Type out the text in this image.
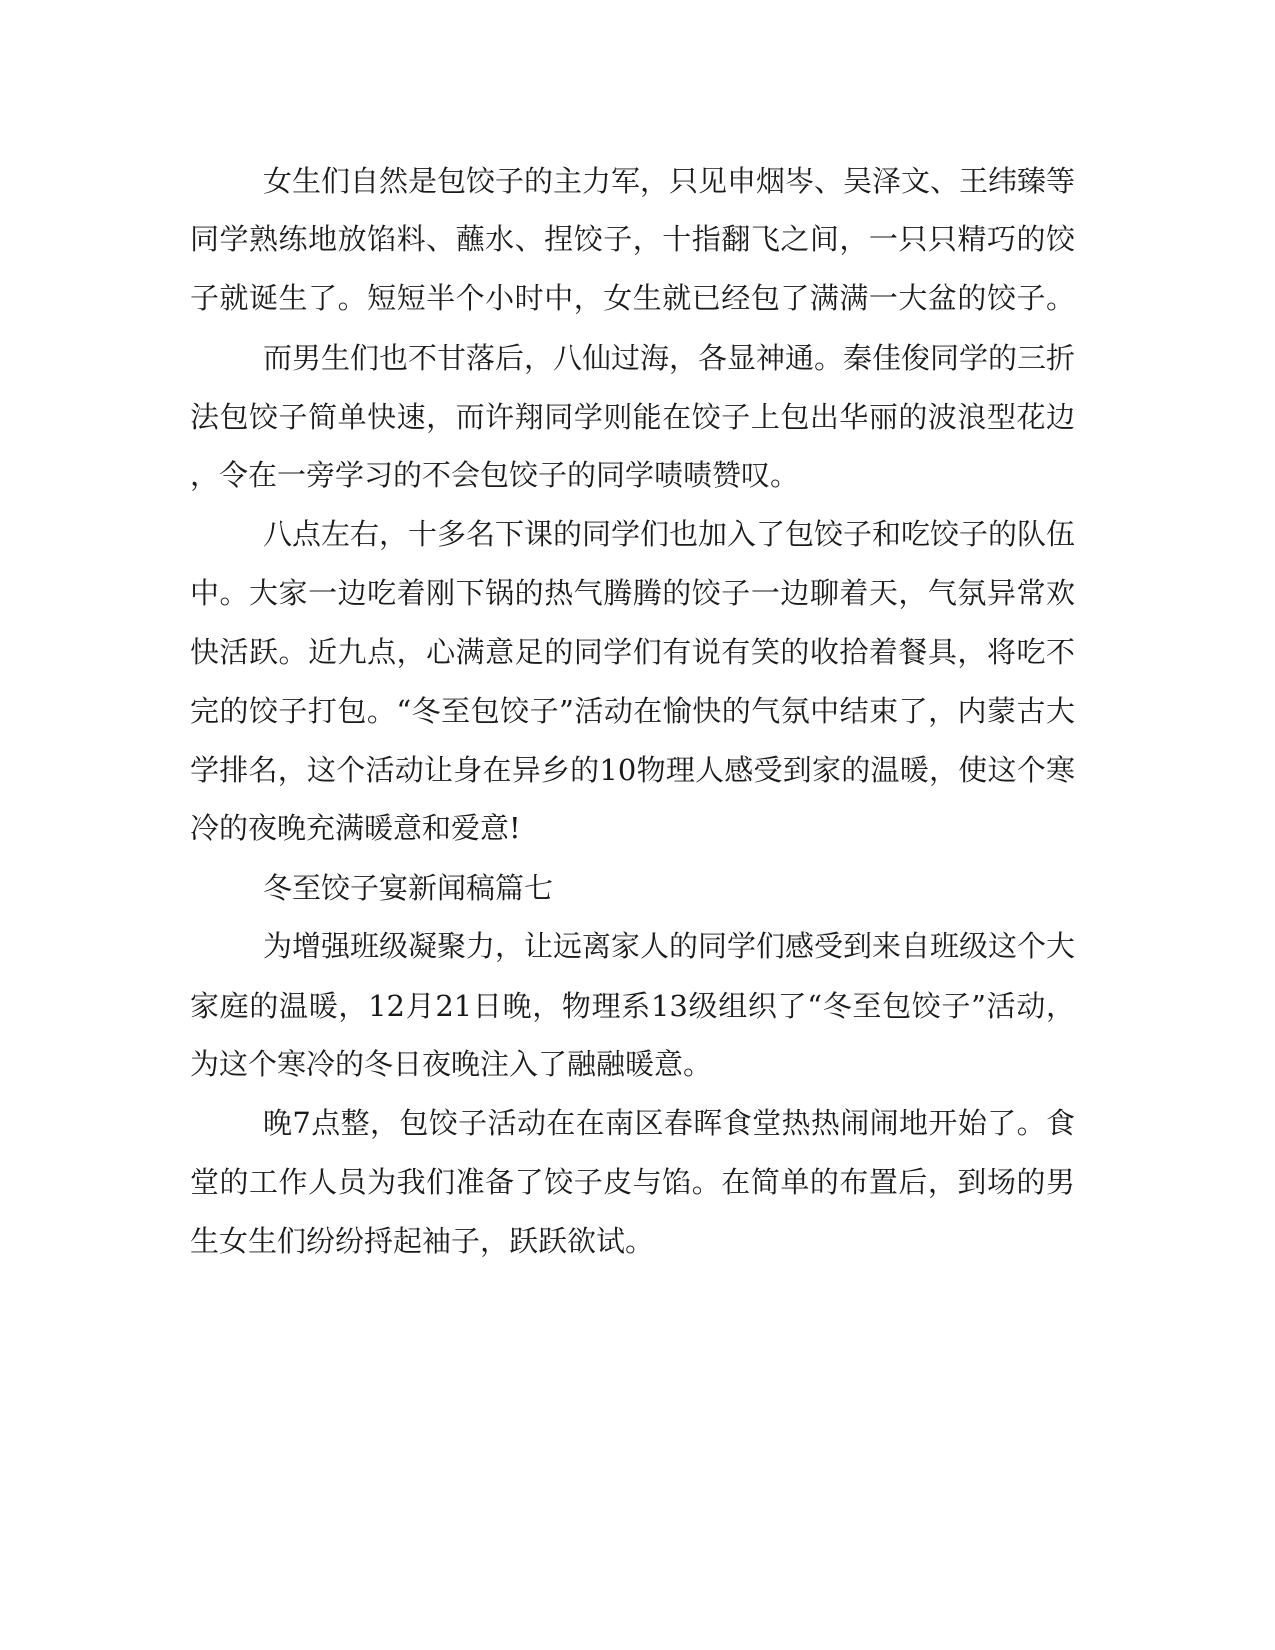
女生们自然是包饺子的主力军，只见申烟岑、吴泽文、王纬臻等
同学熟练地放馅料、蘸水、捏饺子，十指翻飞之间，一只只精巧的饺
子就诞生了。短短半个小时中，女生就已经包了满满一大盆的饺子。
而男生们也不甘落后，八仙过海，各显神通。秦佳俊同学的三折
法包饺子简单快速，而许翔同学则能在饺子上包出华丽的波浪型花边
，令在一旁学习的不会包饺子的同学啧啧赞叹。
八点左右，十多名下课的同学们也加入了包饺子和吃饺子的队伍
中。大家一边吃着刚下锅的热气腾腾的饺子一边聊着天，气氛异常欢
快活跃。近九点，心满意足的同学们有说有笑的收拾着餐具，将吃不
完的饺子打包。“冬至包饺子”活动在愉快的气氛中结束了，内蒙古大
学排名，这个活动让身在异乡的10物理人感受到家的温暖，使这个寒
冷的夜晚充满暖意和爱意!
冬至饺子宴新闻稿篇七
为增强班级凝聚力，让远离家人的同学们感受到来自班级这个大
家庭的温暖，12月21日晚，物理系13级组织了“冬至包饺子”活动，
为这个寒冷的冬日夜晚注入了融融暖意。
晚7点整，包饺子活动在在南区春晖食堂热热闹闹地开始了。食
堂的工作人员为我们准备了饺子皮与馅。在简单的布置后，到场的男
生女生们纷纷捋起袖子，跃跃欲试。
